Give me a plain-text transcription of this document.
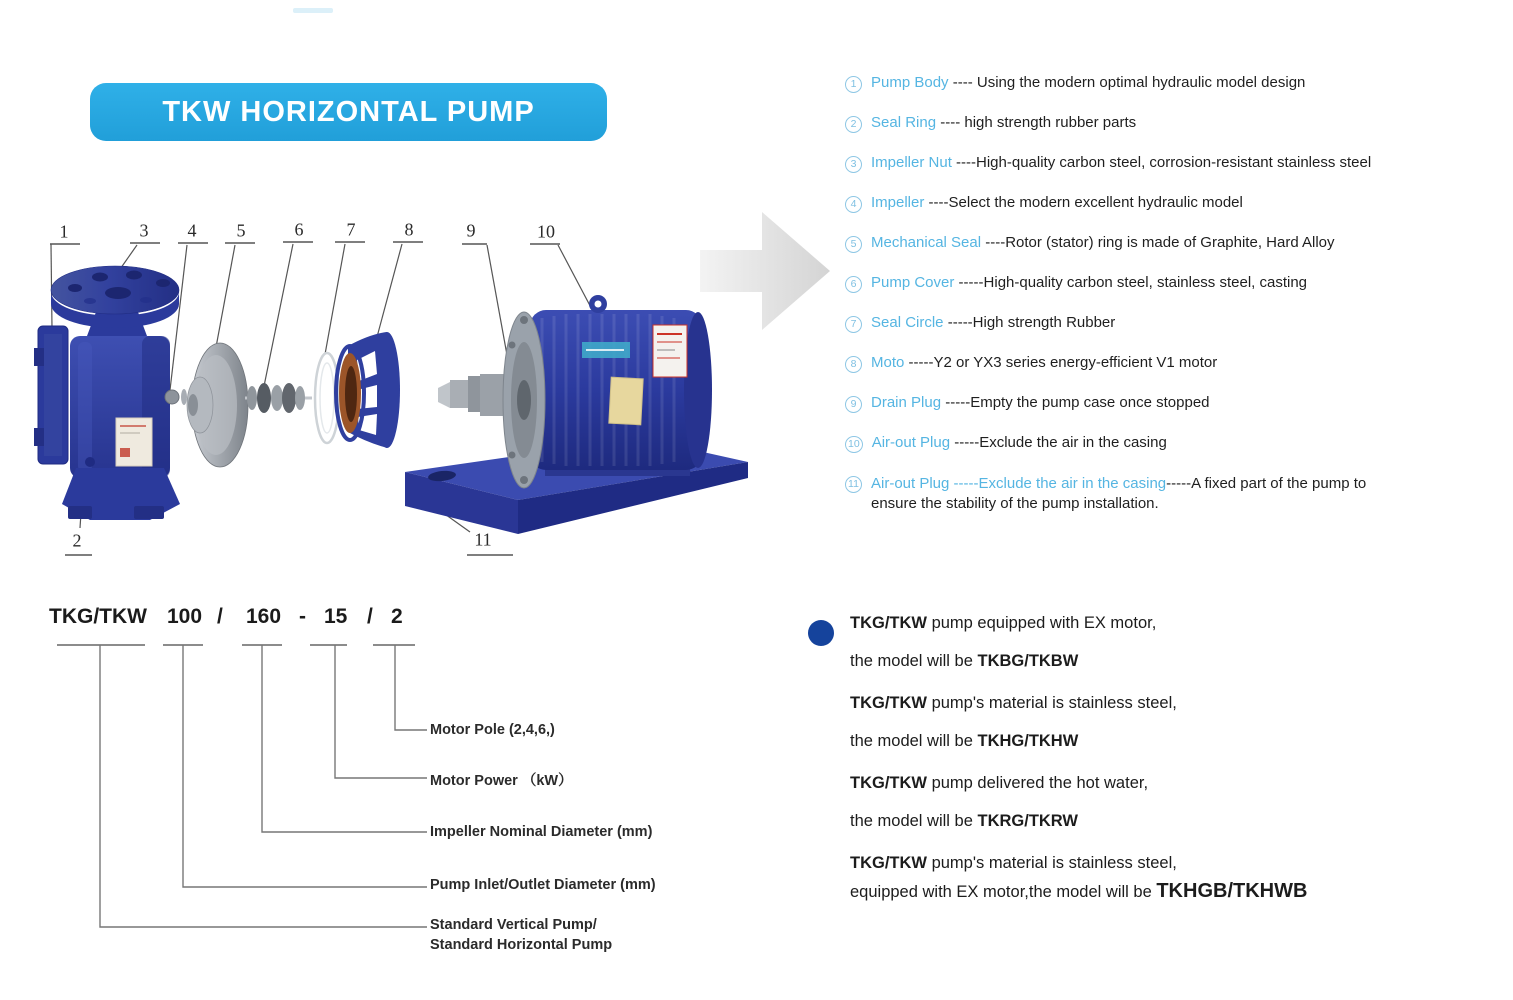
TKW HORIZONTAL PUMP
1	3 4 5	6 7	8	9	10
2	11
1 Pump Body ---- Using the modern optimal hydraulic model design
2 Seal Ring ---- high strength rubber parts
3 Impeller Nut ----High-quality carbon steel, corrosion-resistant stainless steel
4 Impeller ----Select the modern excellent hydraulic model
5 Mechanical Seal ----Rotor (stator) ring is made of Graphite, Hard Alloy
6 Pump Cover -----High-quality carbon steel, stainless steel, casting
7 Seal Circle -----High strength Rubber
8 Moto -----Y2 or YX3 series energy-efficient V1 motor
9 Drain Plug -----Empty the pump case once stopped
10 Air-out Plug -----Exclude the air in the casing
11 Air-out Plug -----Exclude the air in the casing-----A fixed part of the pump to
ensure the stability of the pump installation.
TKG/TKW 100 / 160 - 15 / 2
Motor Pole (2,4,6,)
Motor Power （kW）
Impeller Nominal Diameter (mm)
Pump Inlet/Outlet Diameter (mm)
Standard Vertical Pump/
Standard Horizontal Pump
TKG/TKW pump equipped with EX motor,
the model will be TKBG/TKBW
TKG/TKW pump's material is stainless steel,
the model will be TKHG/TKHW
TKG/TKW pump delivered the hot water,
the model will be TKRG/TKRW
TKG/TKW pump's material is stainless steel,
equipped with EX motor,the model will be TKHGB/TKHWB
